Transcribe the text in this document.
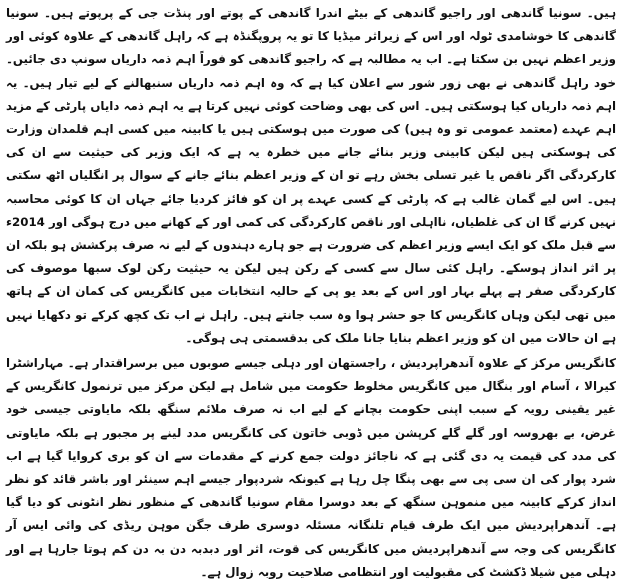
ہیں۔ سونیا گاندھی اور راجیو گاندھی کے بیٹے اندرا گاندھی کے پوتے اور پنڈت جی کے پرپوتے ہیں۔ سونیا گاندھی کا خوشامدی ٹولہ اور اس کے زیراثر میڈیا کا تو یہ پروپگنڈہ ہے کہ راہل گاندھی کے علاوہ کوئی اور وزیر اعظم نہیں بن سکتا ہے۔ اب یہ مطالبہ ہے کہ راجیو گاندھی کو فوراً اہم ذمہ داریاں سونپ دی جائیں۔ خود راہل گاندھی نے بھی زور شور سے اعلان کیا ہے کہ وہ اہم ذمہ داریاں سنبھالنے کے لیے تیار ہیں۔ یہ اہم ذمہ داریاں کیا ہوسکتی ہیں۔ اس کی بھی وضاحت کوئی نہیں کرتا ہے یہ اہم ذمہ دایاں پارٹی کے مزید اہم عہدے (معتمد عمومی تو وہ ہیں) کی صورت میں ہوسکتی ہیں یا کابینہ میں کسی اہم قلمدان وزارت کی ہوسکتی ہیں لیکن کابینی وزیر بنائے جانے میں خطرہ یہ ہے کہ ایک وزیر کی حیثیت سے ان کی کارکردگی اگر ناقص یا غیر تسلی بخش رہے تو ان کے وزیر اعظم بنائے جانے کے سوال پر انگلیاں اٹھ سکتی ہیں۔ اس لیے گمان غالب ہے کہ پارٹی کے کسی عہدے پر ان کو فائز کردیا جائے جہاں ان کا کوئی محاسبہ نہیں کرنے گا ان کی غلطیاں، نااہلی اور ناقص کارکردگی کی کمی اور کے کھانے میں درج ہوگی اور 2014ء سے قبل ملک کو ایک ایسے وزیر اعظم کی ضرورت ہے جو ہارے دہندوں کے لیے نہ صرف پرکشش ہو بلکہ ان پر اثر انداز ہوسکے۔ راہل کئی سال سے کسی کے رکن ہیں لیکن یہ حیثیت رکن لوک سبھا موصوف کی کارکردگی صفر ہے پہلے بہار اور اس کے بعد یو پی کے حالیہ انتخابات میں کانگریس کی کمان ان کے ہاتھ میں تھی لیکن وہاں کانگریس کا جو حشر ہوا وہ سب جانتے ہیں۔ راہل نے اب تک کچھ کرکے تو دکھایا نہیں ہے ان حالات میں ان کو وزیر اعظم بنایا جانا ملک کی بدقسمتی ہی ہوگی۔

کانگریس مرکز کے علاوہ آندھراپردیش ، راجستھان اور دہلی جیسے صوبوں میں برسراقتدار ہے۔ مہاراشٹرا کیرالا ، آسام اور بنگال میں کانگریس مخلوط حکومت میں شامل ہے لیکن مرکز میں ترنمول کانگریس کے غیر یقینی رویہ کے سبب اپنی حکومت بچانے کے لیے اب نہ صرف ملائم سنگھ بلکہ مایاوتی جیسی خود غرض، بے بھروسہ اور گلے گلے کرپشن میں ڈوبی خاتون کی کانگریس مدد لینے پر مجبور ہے بلکہ مایاوتی کی مدد کی قیمت یہ دی گئی ہے کہ ناجائز دولت جمع کرنے کے مقدمات سے ان کو بری کروایا گیا ہے اب شرد پوار کی ان سی پی سے بھی پنگا چل رہا ہے کیونکہ شردپوار جیسے اہم سینئر اور باشر قائد کو نظر انداز کرکے کابینہ میں منموہن سنگھ کے بعد دوسرا مقام سونیا گاندھی کے منظور نظر انٹونی کو دیا گیا ہے۔ آندھراپردیش میں ایک طرف قیام تلنگانہ مسئلہ دوسری طرف جگن موہن ریڈی کی وائی ایس آر کانگریس کی وجہ سے آندھراپردیش میں کانگریس کی قوت، اثر اور دبدبہ دن بہ دن کم ہوتا جارہا ہے اور دہلی میں شیلا ڈکشٹ کی مقبولیت اور انتظامی صلاحیت روبہ زوال ہے۔
